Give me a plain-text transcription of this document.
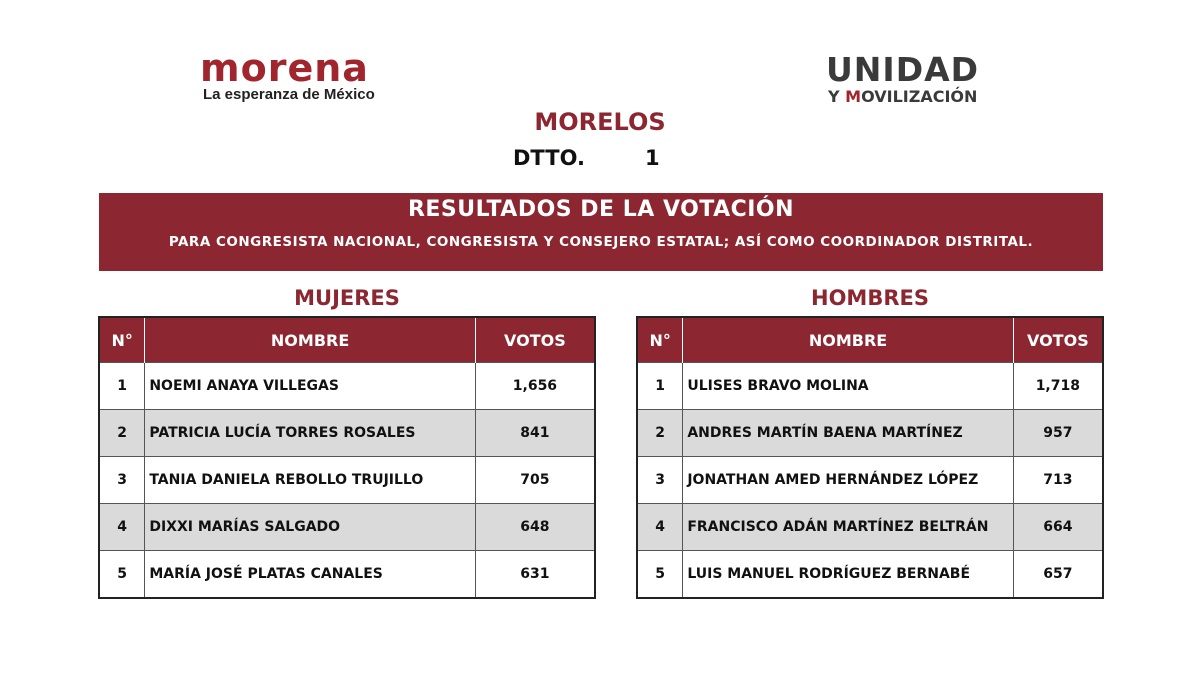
morena
La esperanza de México
UNIDAD
Y MOVILIZACIÓN
MORELOS
DTTO.	1
RESULTADOS DE LA VOTACIÓN
PARA CONGRESISTA NACIONAL, CONGRESISTA Y CONSEJERO ESTATAL; ASÍ COMO COORDINADOR DISTRITAL.
MUJERES	HOMBRES
N°	NOMBRE	VOTOS
1	NOEMI ANAYA VILLEGAS	1,656
2	PATRICIA LUCÍA TORRES ROSALES	841
3	TANIA DANIELA REBOLLO TRUJILLO	705
4	DIXXI MARÍAS SALGADO	648
5	MARÍA JOSÉ PLATAS CANALES	631
N°	NOMBRE	VOTOS
1	ULISES BRAVO MOLINA	1,718
2	ANDRES MARTÍN BAENA MARTÍNEZ	957
3	JONATHAN AMED HERNÁNDEZ LÓPEZ	713
4	FRANCISCO ADÁN MARTÍNEZ BELTRÁN	664
5	LUIS MANUEL RODRÍGUEZ BERNABÉ	657
